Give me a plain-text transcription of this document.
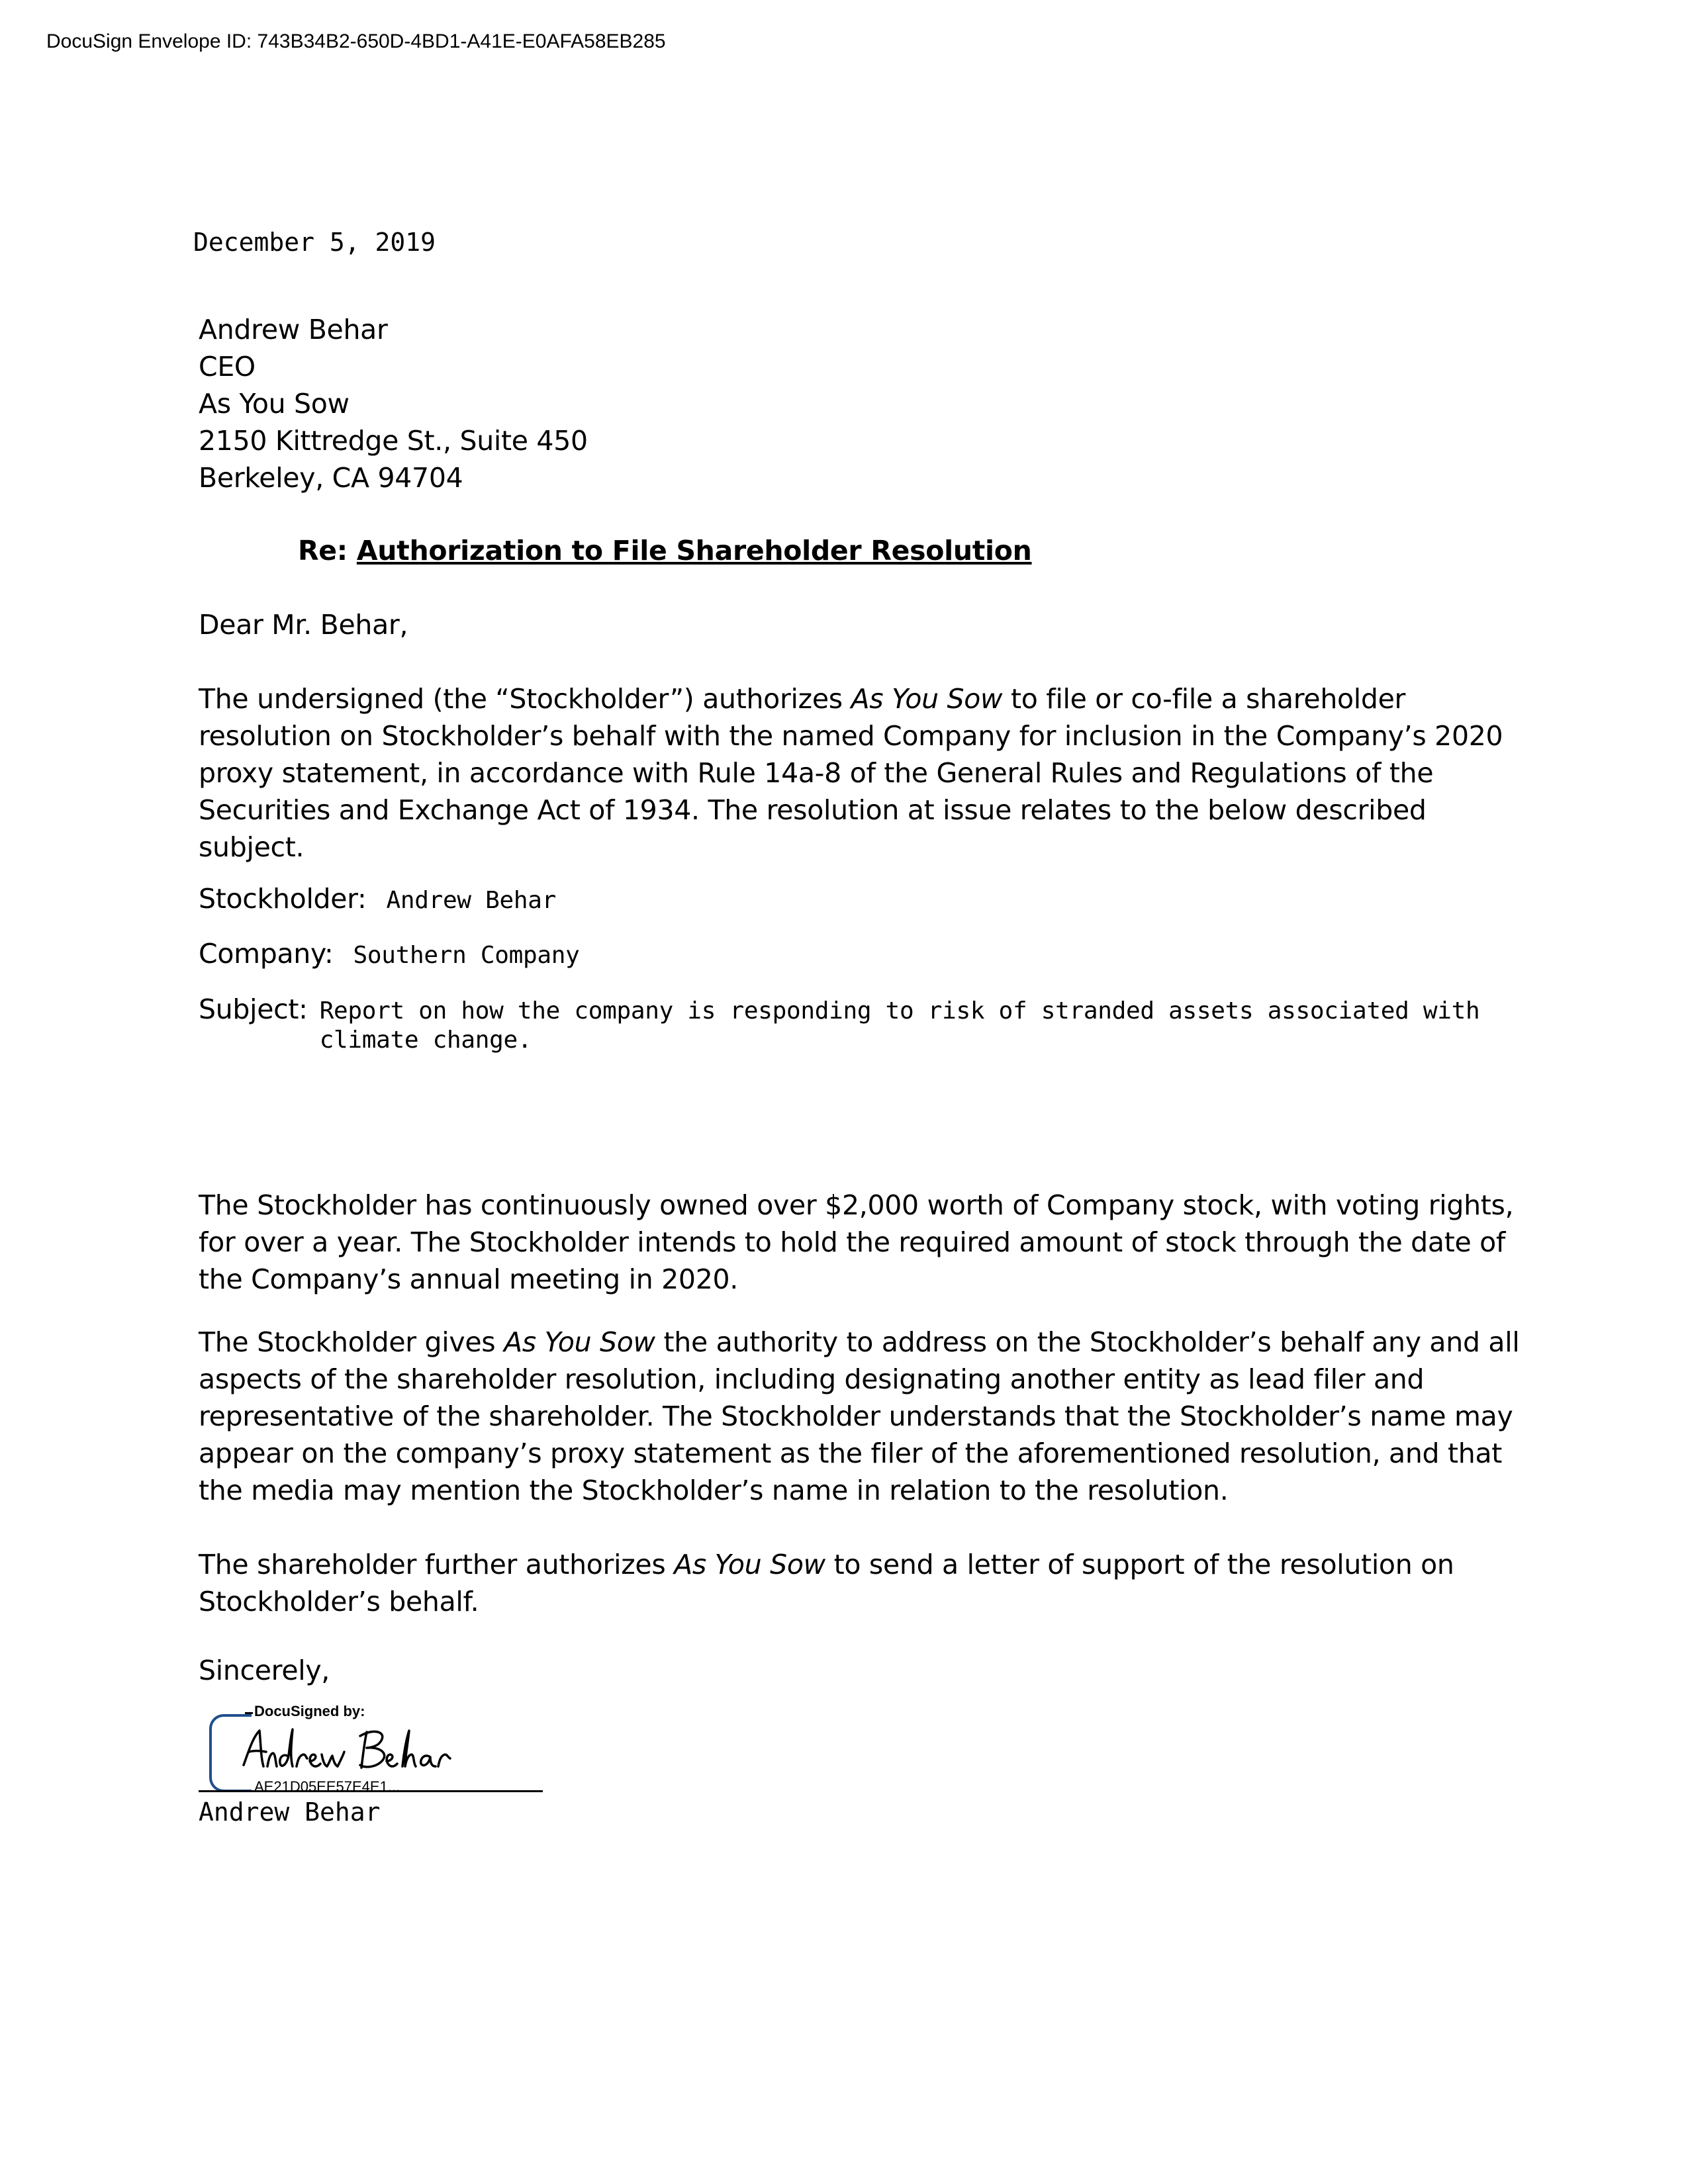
DocuSign Envelope ID: 743B34B2-650D-4BD1-A41E-E0AFA58EB285
December 5, 2019
Andrew Behar
CEO
As You Sow
2150 Kittredge St., Suite 450
Berkeley, CA 94704
Re: Authorization to File Shareholder Resolution
Dear Mr. Behar,
The undersigned (the “Stockholder”) authorizes As You Sow to file or co-file a shareholder resolution on Stockholder’s behalf with the named Company for inclusion in the Company’s 2020 proxy statement, in accordance with Rule 14a-8 of the General Rules and Regulations of the Securities and Exchange Act of 1934. The resolution at issue relates to the below described subject.
Stockholder: Andrew Behar
Company: Southern Company
Subject: Report on how the company is responding to risk of stranded assets associated with climate change.
The Stockholder has continuously owned over $2,000 worth of Company stock, with voting rights, for over a year. The Stockholder intends to hold the required amount of stock through the date of the Company’s annual meeting in 2020.
The Stockholder gives As You Sow the authority to address on the Stockholder’s behalf any and all aspects of the shareholder resolution, including designating another entity as lead filer and representative of the shareholder. The Stockholder understands that the Stockholder’s name may appear on the company’s proxy statement as the filer of the aforementioned resolution, and that the media may mention the Stockholder’s name in relation to the resolution.
The shareholder further authorizes As You Sow to send a letter of support of the resolution on Stockholder’s behalf.
Sincerely,
DocuSigned by:
AE21D05EE57E4E1...
Andrew Behar
